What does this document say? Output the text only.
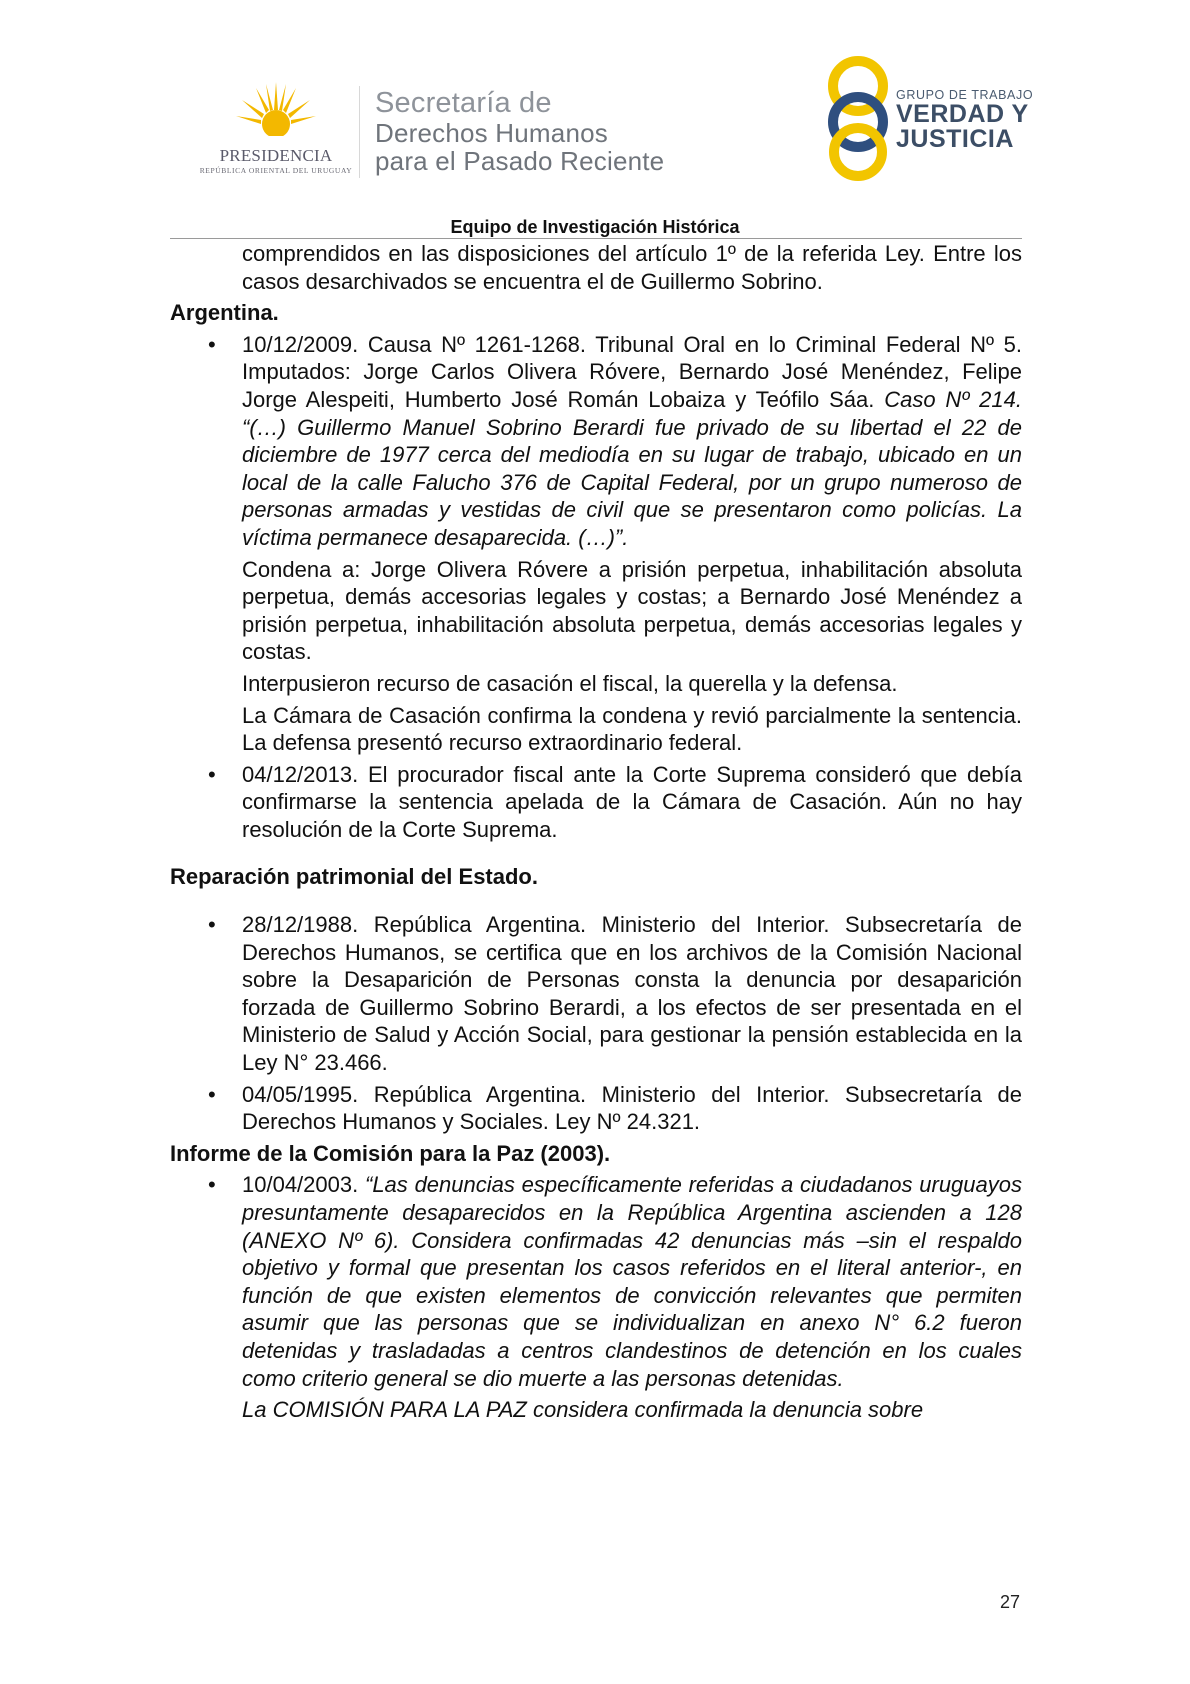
PRESIDENCIA
REPÚBLICA ORIENTAL DEL URUGUAY
Secretaría de
Derechos Humanos
para el Pasado Reciente
GRUPO DE TRABAJO
VERDAD Y
JUSTICIA
Equipo de Investigación Histórica

comprendidos en las disposiciones del artículo 1º de la referida Ley. Entre los casos desarchivados se encuentra el de Guillermo Sobrino.

Argentina.

• 10/12/2009. Causa Nº 1261-1268. Tribunal Oral en lo Criminal Federal Nº 5. Imputados: Jorge Carlos Olivera Róvere, Bernardo José Menéndez, Felipe Jorge Alespeiti, Humberto José Román Lobaiza y Teófilo Sáa. Caso Nº 214. “(…) Guillermo Manuel Sobrino Berardi fue privado de su libertad el 22 de diciembre de 1977 cerca del mediodía en su lugar de trabajo, ubicado en un local de la calle Falucho 376 de Capital Federal, por un grupo numeroso de personas armadas y vestidas de civil que se presentaron como policías. La víctima permanece desaparecida. (…)”.

Condena a: Jorge Olivera Róvere a prisión perpetua, inhabilitación absoluta perpetua, demás accesorias legales y costas; a Bernardo José Menéndez a prisión perpetua, inhabilitación absoluta perpetua, demás accesorias legales y costas.

Interpusieron recurso de casación el fiscal, la querella y la defensa.

La Cámara de Casación confirma la condena y revió parcialmente la sentencia. La defensa presentó recurso extraordinario federal.

• 04/12/2013. El procurador fiscal ante la Corte Suprema consideró que debía confirmarse la sentencia apelada de la Cámara de Casación. Aún no hay resolución de la Corte Suprema.

Reparación patrimonial del Estado.

• 28/12/1988. República Argentina. Ministerio del Interior. Subsecretaría de Derechos Humanos, se certifica que en los archivos de la Comisión Nacional sobre la Desaparición de Personas consta la denuncia por desaparición forzada de Guillermo Sobrino Berardi, a los efectos de ser presentada en el Ministerio de Salud y Acción Social, para gestionar la pensión establecida en la Ley N° 23.466.
• 04/05/1995. República Argentina. Ministerio del Interior. Subsecretaría de Derechos Humanos y Sociales. Ley Nº 24.321.

Informe de la Comisión para la Paz (2003).

• 10/04/2003. “Las denuncias específicamente referidas a ciudadanos uruguayos presuntamente desaparecidos en la República Argentina ascienden a 128 (ANEXO Nº 6). Considera confirmadas 42 denuncias más –sin el respaldo objetivo y formal que presentan los casos referidos en el literal anterior-, en función de que existen elementos de convicción relevantes que permiten asumir que las personas que se individualizan en anexo N° 6.2 fueron detenidas y trasladadas a centros clandestinos de detención en los cuales como criterio general se dio muerte a las personas detenidas.

La COMISIÓN PARA LA PAZ considera confirmada la denuncia sobre

27
